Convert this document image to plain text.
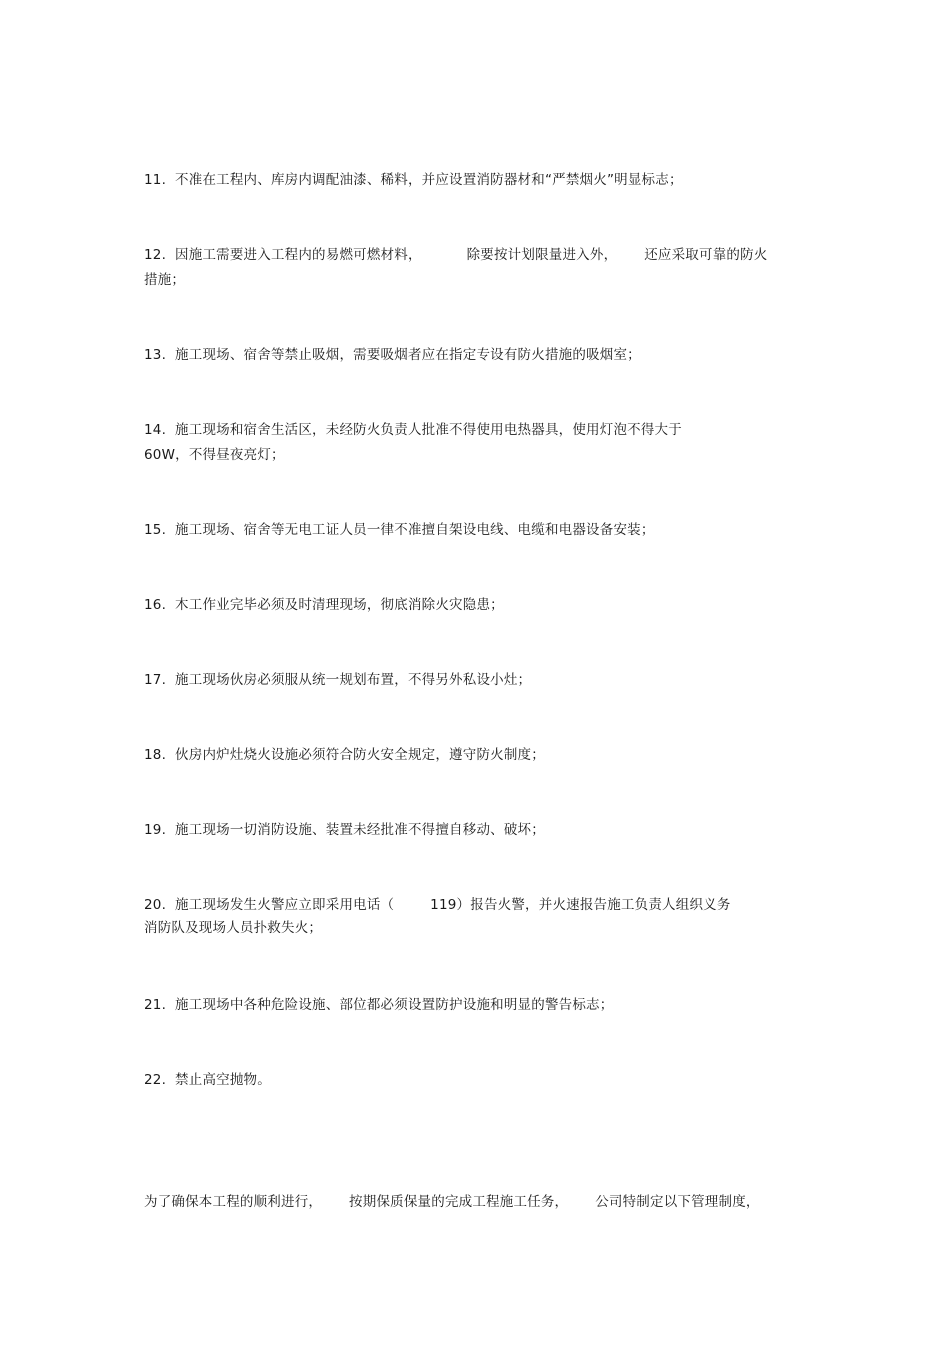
11.  不准在工程内、库房内调配油漆、稀料，并应设置消防器材和“严禁烟火”明显标志；
12.  因施工需要进入工程内的易燃可燃材料，          除要按计划限量进入外，      还应采取可靠的防火
措施；
13.  施工现场、宿舍等禁止吸烟，需要吸烟者应在指定专设有防火措施的吸烟室；
14.  施工现场和宿舍生活区，未经防火负责人批准不得使用电热器具，使用灯泡不得大于
60W，不得昼夜亮灯；
15.  施工现场、宿舍等无电工证人员一律不准擅自架设电线、电缆和电器设备安装；
16.  木工作业完毕必须及时清理现场，彻底消除火灾隐患；
17.  施工现场伙房必须服从统一规划布置，不得另外私设小灶；
18.  伙房内炉灶烧火设施必须符合防火安全规定，遵守防火制度；
19.  施工现场一切消防设施、装置未经批准不得擅自移动、破坏；
20.  施工现场发生火警应立即采用电话（        119）报告火警，并火速报告施工负责人组织义务
消防队及现场人员扑救失火；
21.  施工现场中各种危险设施、部位都必须设置防护设施和明显的警告标志；
22.  禁止高空抛物。
为了确保本工程的顺利进行，      按期保质保量的完成工程施工任务，      公司特制定以下管理制度，
